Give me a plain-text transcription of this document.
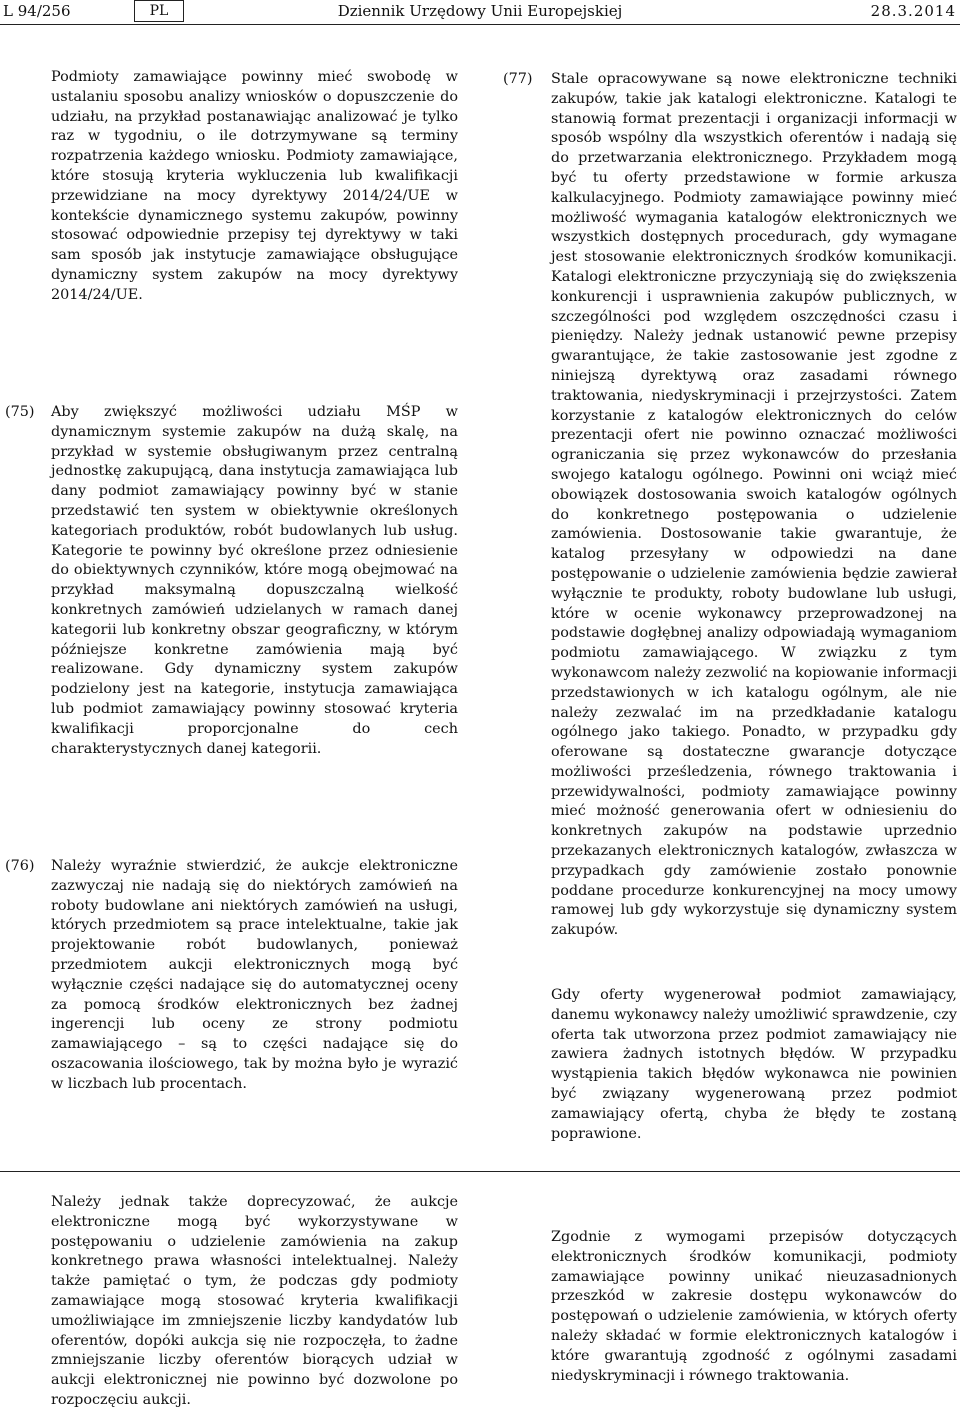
L 94/256	PL	Dziennik Urzędowy Unii Europejskiej	28.3.2014
Podmioty zamawiające powinny mieć swobodę w ustalaniu sposobu analizy wniosków o dopuszczenie do udziału, na przykład postanawiając analizować je tylko raz w tygodniu, o ile dotrzymywane są terminy rozpatrzenia każdego wniosku. Podmioty zamawiające, które stosują kryteria wykluczenia lub kwalifikacji przewidziane na mocy dyrektywy 2014/24/UE w kontekście dynamicznego systemu zakupów, powinny stosować odpowiednie przepisy tej dyrektywy w taki sam sposób jak instytucje zamawiające obsługujące dynamiczny system zakupów na mocy dyrektywy 2014/24/UE.
(75) Aby zwiększyć możliwości udziału MŚP w dynamicznym systemie zakupów na dużą skalę, na przykład w systemie obsługiwanym przez centralną jednostkę zakupującą, dana instytucja zamawiająca lub dany podmiot zamawiający powinny być w stanie przedstawić ten system w obiektywnie określonych kategoriach produktów, robót budowlanych lub usług. Kategorie te powinny być określone przez odniesienie do obiektywnych czynników, które mogą obejmować na przykład maksymalną dopuszczalną wielkość konkretnych zamówień udzielanych w ramach danej kategorii lub konkretny obszar geograficzny, w którym późniejsze konkretne zamówienia mają być realizowane. Gdy dynamiczny system zakupów podzielony jest na kategorie, instytucja zamawiająca lub podmiot zamawiający powinny stosować kryteria kwalifikacji proporcjonalne do cech charakterystycznych danej kategorii.
(76) Należy wyraźnie stwierdzić, że aukcje elektroniczne zazwyczaj nie nadają się do niektórych zamówień na roboty budowlane ani niektórych zamówień na usługi, których przedmiotem są prace intelektualne, takie jak projektowanie robót budowlanych, ponieważ przedmiotem aukcji elektronicznych mogą być wyłącznie części nadające się do automatycznej oceny za pomocą środków elektronicznych bez żadnej ingerencji lub oceny ze strony podmiotu zamawiającego – są to części nadające się do oszacowania ilościowego, tak by można było je wyrazić w liczbach lub procentach.
Należy jednak także doprecyzować, że aukcje elektroniczne mogą być wykorzystywane w postępowaniu o udzielenie zamówienia na zakup konkretnego prawa własności intelektualnej. Należy także pamiętać o tym, że podczas gdy podmioty zamawiające mogą stosować kryteria kwalifikacji umożliwiające im zmniejszenie liczby kandydatów lub oferentów, dopóki aukcja się nie rozpoczęła, to żadne zmniejszanie liczby oferentów biorących udział w aukcji elektronicznej nie powinno być dozwolone po rozpoczęciu aukcji.
(77) Stale opracowywane są nowe elektroniczne techniki zakupów, takie jak katalogi elektroniczne. Katalogi te stanowią format prezentacji i organizacji informacji w sposób wspólny dla wszystkich oferentów i nadają się do przetwarzania elektronicznego. Przykładem mogą być tu oferty przedstawione w formie arkusza kalkulacyjnego. Podmioty zamawiające powinny mieć możliwość wymagania katalogów elektronicznych we wszystkich dostępnych procedurach, gdy wymagane jest stosowanie elektronicznych środków komunikacji. Katalogi elektroniczne przyczyniają się do zwiększenia konkurencji i usprawnienia zakupów publicznych, w szczególności pod względem oszczędności czasu i pieniędzy. Należy jednak ustanowić pewne przepisy gwarantujące, że takie zastosowanie jest zgodne z niniejszą dyrektywą oraz zasadami równego traktowania, niedyskryminacji i przejrzystości. Zatem korzystanie z katalogów elektronicznych do celów prezentacji ofert nie powinno oznaczać możliwości ograniczania się przez wykonawców do przesłania swojego katalogu ogólnego. Powinni oni wciąż mieć obowiązek dostosowania swoich katalogów ogólnych do konkretnego postępowania o udzielenie zamówienia. Dostosowanie takie gwarantuje, że katalog przesyłany w odpowiedzi na dane postępowanie o udzielenie zamówienia będzie zawierał wyłącznie te produkty, roboty budowlane lub usługi, które w ocenie wykonawcy przeprowadzonej na podstawie dogłębnej analizy odpowiadają wymaganiom podmiotu zamawiającego. W związku z tym wykonawcom należy zezwolić na kopiowanie informacji przedstawionych w ich katalogu ogólnym, ale nie należy zezwalać im na przedkładanie katalogu ogólnego jako takiego. Ponadto, w przypadku gdy oferowane są dostateczne gwarancje dotyczące możliwości prześledzenia, równego traktowania i przewidywalności, podmioty zamawiające powinny mieć możność generowania ofert w odniesieniu do konkretnych zakupów na podstawie uprzednio przekazanych elektronicznych katalogów, zwłaszcza w przypadkach gdy zamówienie zostało ponownie poddane procedurze konkurencyjnej na mocy umowy ramowej lub gdy wykorzystuje się dynamiczny system zakupów.
Gdy oferty wygenerował podmiot zamawiający, danemu wykonawcy należy umożliwić sprawdzenie, czy oferta tak utworzona przez podmiot zamawiający nie zawiera żadnych istotnych błędów. W przypadku wystąpienia takich błędów wykonawca nie powinien być związany wygenerowaną przez podmiot zamawiający ofertą, chyba że błędy te zostaną poprawione.
Zgodnie z wymogami przepisów dotyczących elektronicznych środków komunikacji, podmioty zamawiające powinny unikać nieuzasadnionych przeszkód w zakresie dostępu wykonawców do postępowań o udzielenie zamówienia, w których oferty należy składać w formie elektronicznych katalogów i które gwarantują zgodność z ogólnymi zasadami niedyskryminacji i równego traktowania.
